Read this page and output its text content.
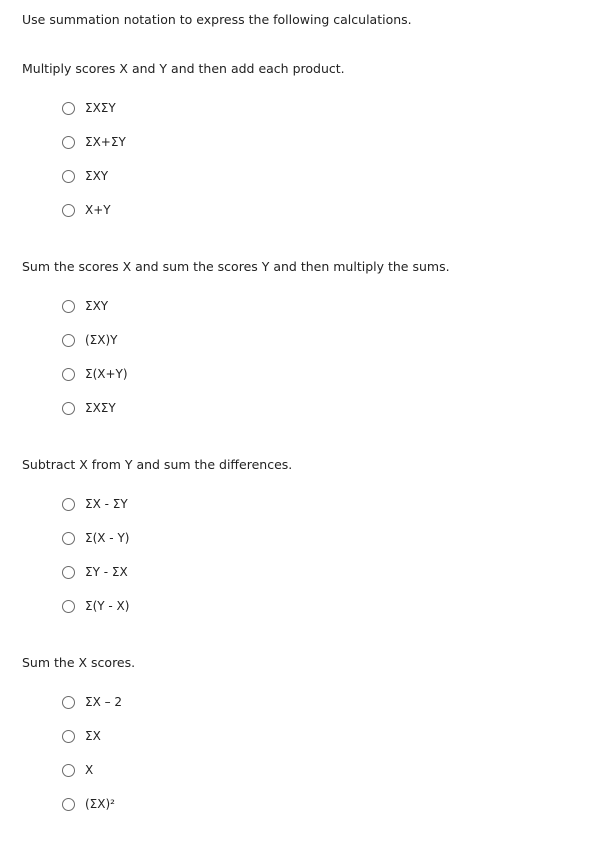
Use summation notation to express the following calculations.

Multiply scores X and Y and then add each product.

ΣXΣY
ΣX+ΣY
ΣXY
X+Y

Sum the scores X and sum the scores Y and then multiply the sums.

ΣXY
(ΣX)Y
Σ(X+Y)
ΣXΣY

Subtract X from Y and sum the differences.

ΣX - ΣY
Σ(X - Y)
ΣY - ΣX
Σ(Y - X)

Sum the X scores.

ΣX – 2
ΣX
X
(ΣX)²
